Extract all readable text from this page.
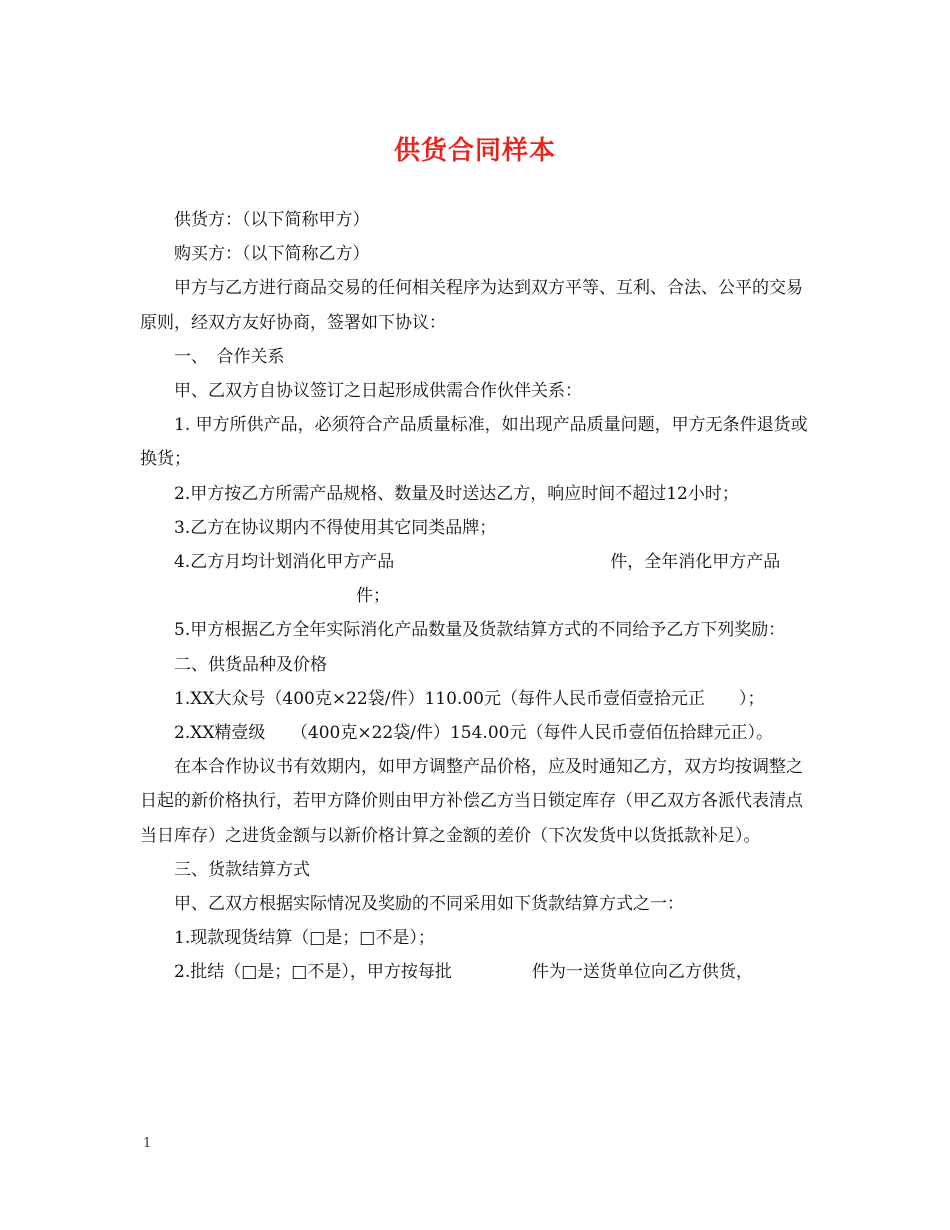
供货合同样本

供货方：（以下简称甲方）

购买方：（以下简称乙方）

甲方与乙方进行商品交易的任何相关程序为达到双方平等、互利、合法、公平的交易原则，经双方友好协商，签署如下协议：

一、　合作关系

甲、乙双方自协议签订之日起形成供需合作伙伴关系：

1. 甲方所供产品，必须符合产品质量标准，如出现产品质量问题，甲方无条件退货或换货；

2.甲方按乙方所需产品规格、数量及时送达乙方，响应时间不超过12小时；

3.乙方在协议期内不得使用其它同类品牌；

4.乙方月均计划消化甲方产品	件，全年消化甲方产品件；

5.甲方根据乙方全年实际消化产品数量及货款结算方式的不同给予乙方下列奖励：

二、供货品种及价格

1.XX大众号（400克×22袋/件）110.00元（每件人民币壹佰壹拾元正　　）；

2.XX精壹级　　（400克×22袋/件）154.00元（每件人民币壹佰伍拾肆元正）。

在本合作协议书有效期内，如甲方调整产品价格，应及时通知乙方，双方均按调整之日起的新价格执行，若甲方降价则由甲方补偿乙方当日锁定库存（甲乙双方各派代表清点当日库存）之进货金额与以新价格计算之金额的差价（下次发货中以货抵款补足）。

三、货款结算方式

甲、乙双方根据实际情况及奖励的不同采用如下货款结算方式之一：

1.现款现货结算（□是；□不是）；

2.批结（□是；□不是），甲方按每批	件为一送货单位向乙方供货，

1
